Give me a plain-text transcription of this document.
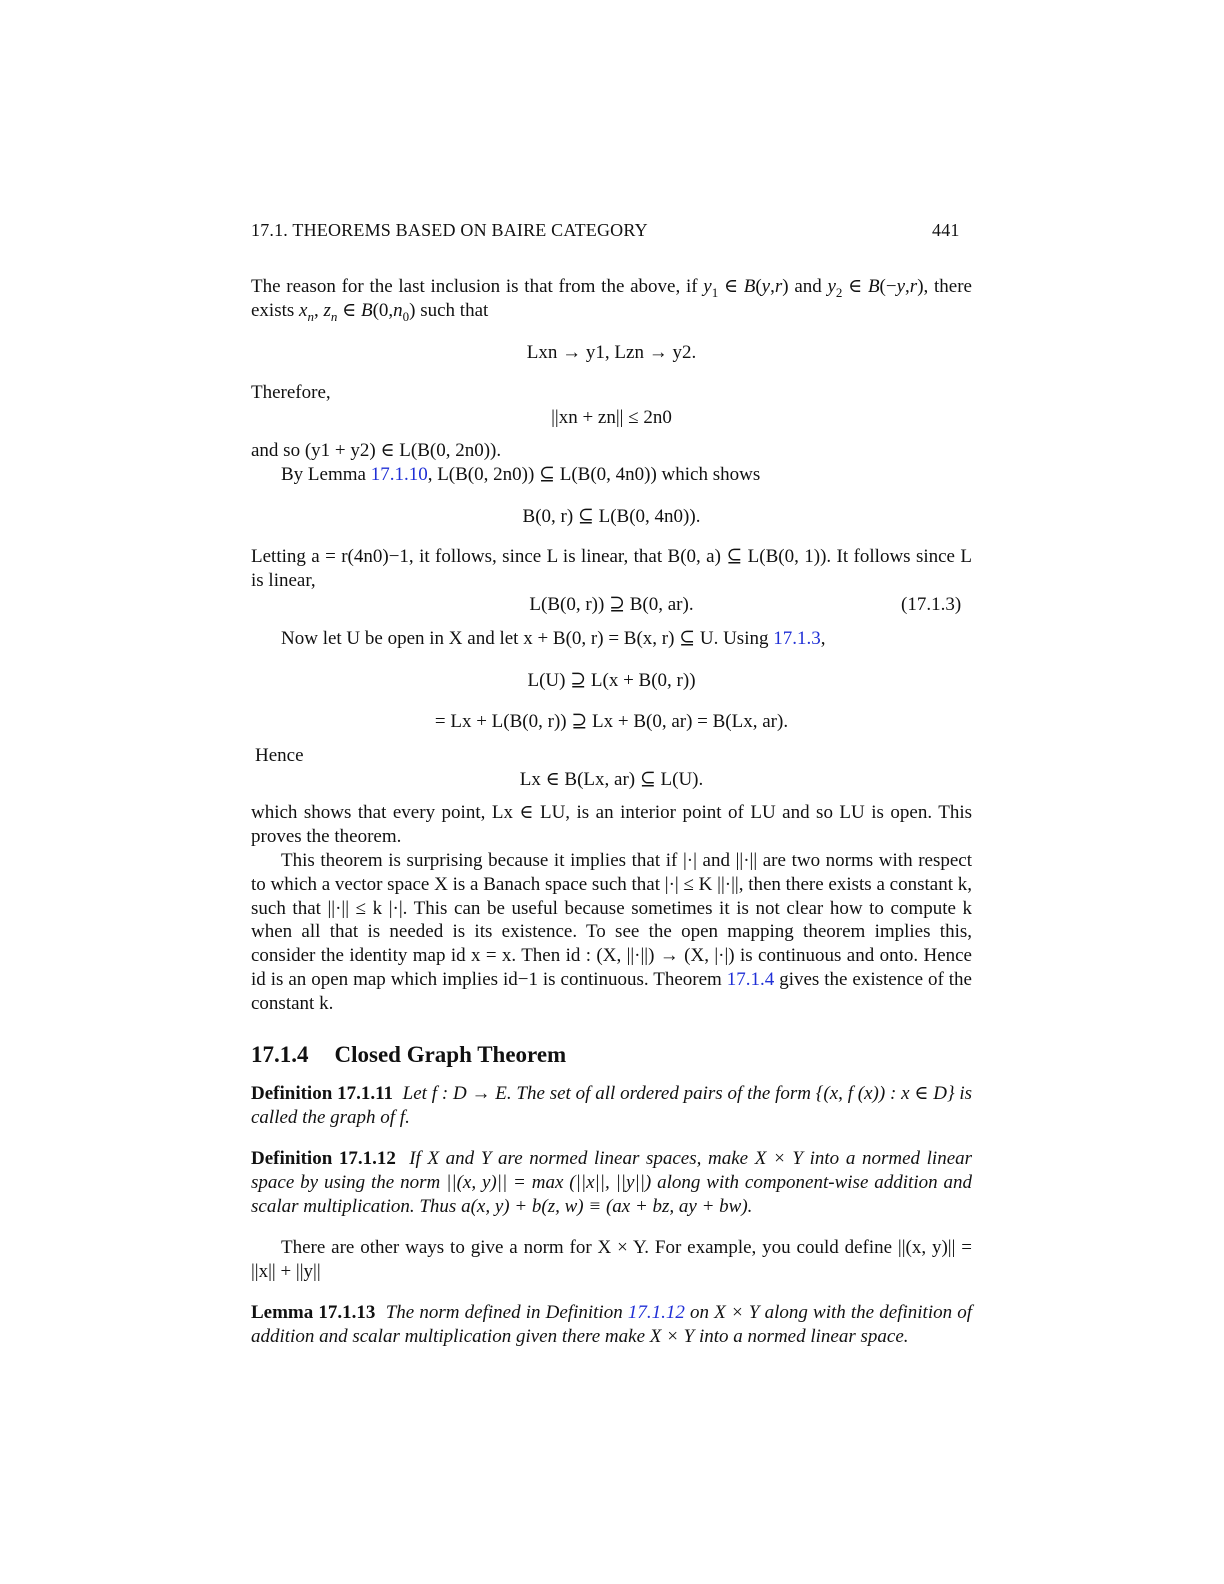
17.1. THEOREMS BASED ON BAIRE CATEGORY	441
The reason for the last inclusion is that from the above, if $y_1$ ∈ B(y,r) and $y_2$ ∈ B(−y,r), there exists $x_n$, $z_n$ ∈ $B(0,n_0)$ such that
Lxn → y1, Lzn → y2.
Therefore,
||xn + zn|| ≤ 2n0
and so (y1 + y2) ∈ L(B(0, 2n0)).
By Lemma 17.1.10, L(B(0, 2n0)) ⊆ L(B(0, 4n0)) which shows
B(0, r) ⊆ L(B(0, 4n0)).
Letting a = r(4n0)−1, it follows, since L is linear, that B(0, a) ⊆ L(B(0, 1)). It follows since L is linear,
L(B(0, r)) ⊇ B(0, ar).	(17.1.3)
Now let U be open in X and let x + B(0, r) = B(x, r) ⊆ U. Using 17.1.3,
L(U) ⊇ L(x + B(0, r))
= Lx + L(B(0, r)) ⊇ Lx + B(0, ar) = B(Lx, ar).
Hence
Lx ∈ B(Lx, ar) ⊆ L(U).
which shows that every point, Lx ∈ LU, is an interior point of LU and so LU is open. This proves the theorem.
This theorem is surprising because it implies that if |·| and ||·|| are two norms with respect to which a vector space X is a Banach space such that |·| ≤ K ||·||, then there exists a constant k, such that ||·|| ≤ k |·|. This can be useful because sometimes it is not clear how to compute k when all that is needed is its existence. To see the open mapping theorem implies this, consider the identity map id x = x. Then id : (X, ||·||) → (X, |·|) is continuous and onto. Hence id is an open map which implies id−1 is continuous. Theorem 17.1.4 gives the existence of the constant k.
17.1.4 Closed Graph Theorem
Definition 17.1.11 Let f : D → E. The set of all ordered pairs of the form {(x, f (x)) : x ∈ D} is called the graph of f.
Definition 17.1.12 If X and Y are normed linear spaces, make X × Y into a normed linear space by using the norm ||(x, y)|| = max (||x||, ||y||) along with component-wise addition and scalar multiplication. Thus a(x, y) + b(z, w) ≡ (ax + bz, ay + bw).
There are other ways to give a norm for X × Y. For example, you could define ||(x, y)|| = ||x|| + ||y||
Lemma 17.1.13 The norm defined in Definition 17.1.12 on X × Y along with the definition of addition and scalar multiplication given there make X × Y into a normed linear space.
